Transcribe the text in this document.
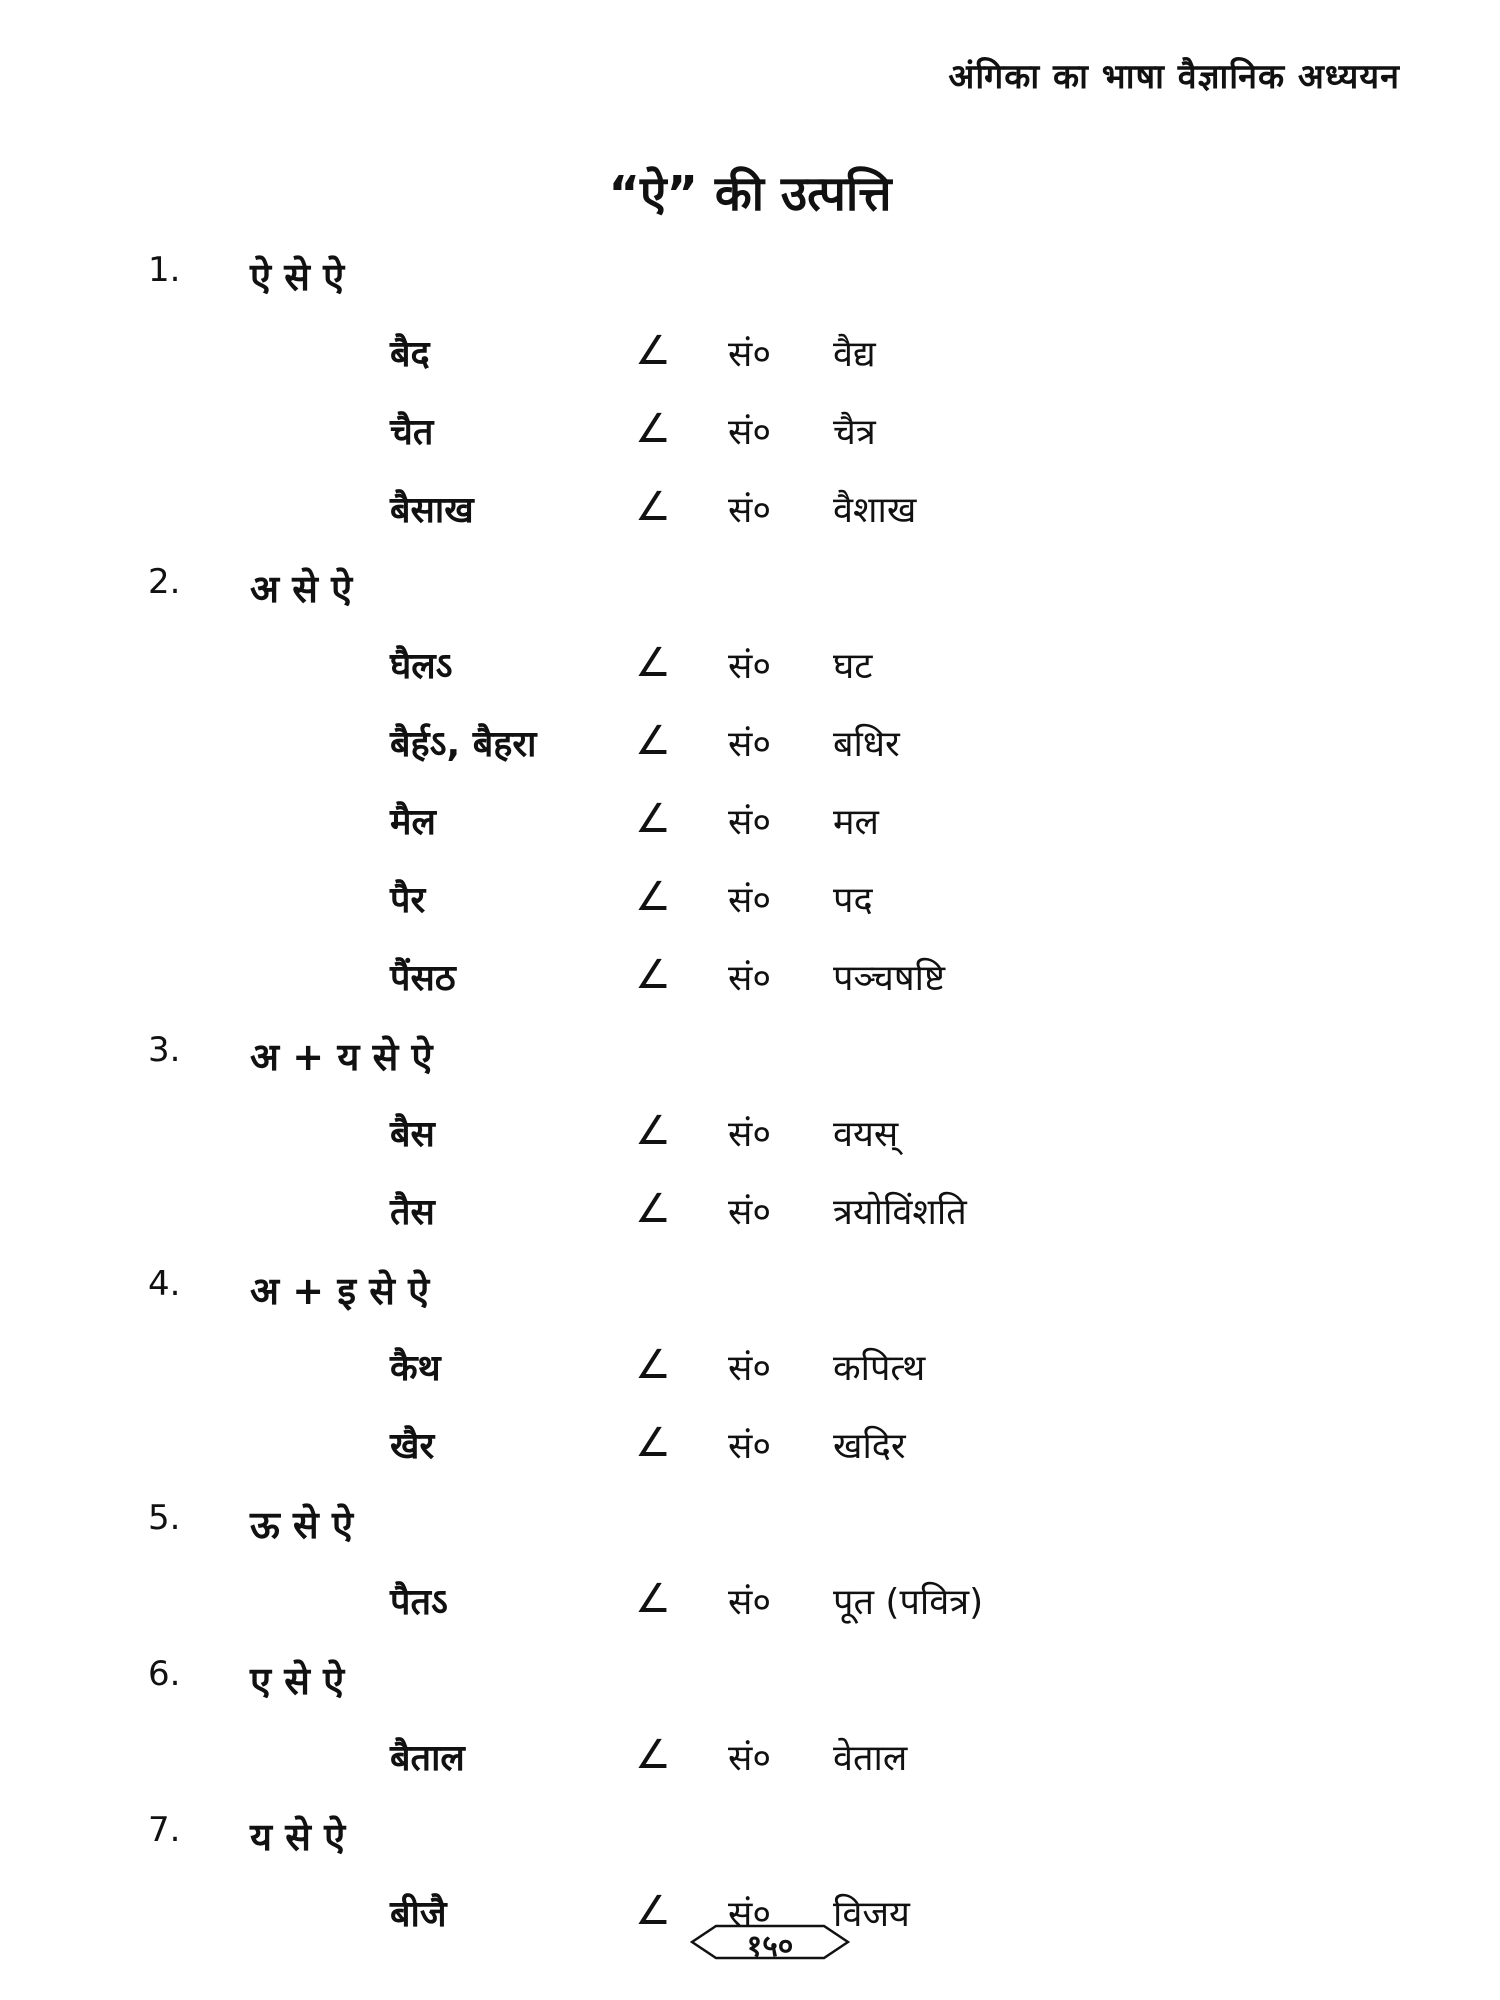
अंगिका का भाषा वैज्ञानिक अध्ययन
“ऐ” की उत्पत्ति
1. ऐ से ऐ
बैद	∠ सं० वैद्य
चैत	∠ सं० चैत्र
बैसाख	∠ सं० वैशाख
2. अ से ऐ
घैलऽ	∠ सं० घट
बैर्हऽ, बैहरा ∠ सं० बधिर
मैल	∠ सं० मल
पैर	∠ सं० पद
पैंसठ	∠ सं० पञ्चषष्टि
3. अ + य से ऐ
बैस	∠ सं० वयस्
तैस	∠ सं० त्रयोविंशति
4. अ + इ से ऐ
कैथ	∠ सं० कपित्थ
खैर	∠ सं० खदिर
5. ऊ से ऐ
पैतऽ	∠ सं० पूत (पवित्र)
6. ए से ऐ
बैताल	∠ सं० वेताल
7. य से ऐ
बीजै	∠ सं० विजय
१५०
